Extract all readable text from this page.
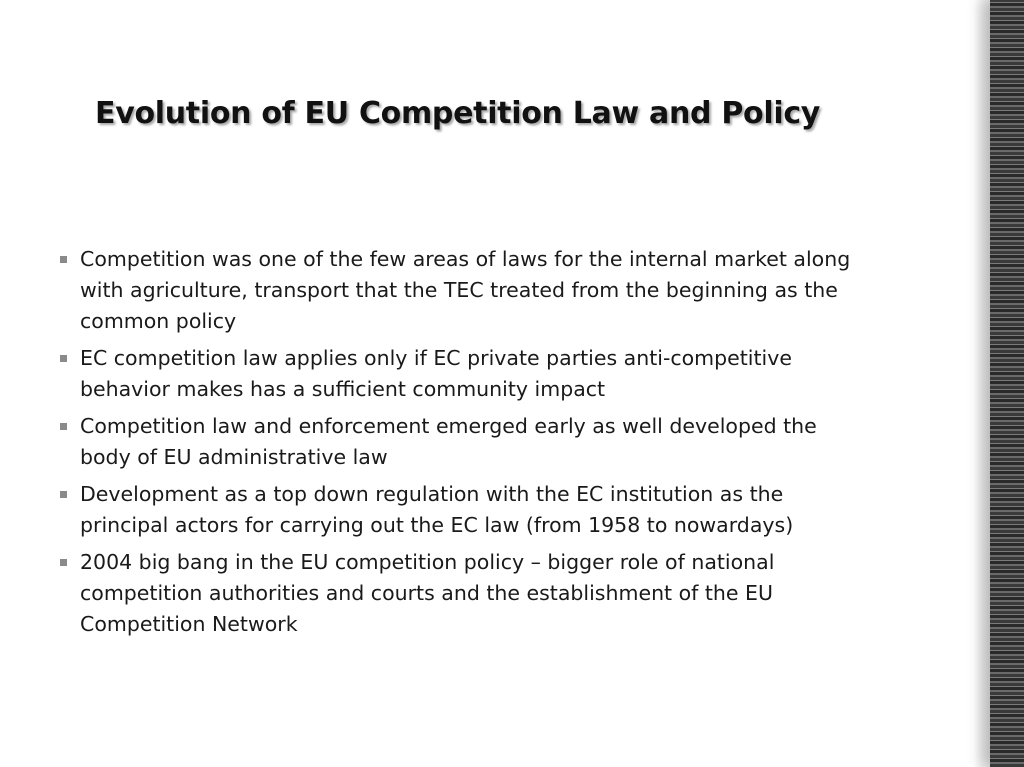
Evolution of EU Competition Law and Policy
Competition was one of the few areas of laws for the internal market along with agriculture, transport that the TEC treated from the beginning as the common policy
EC competition law applies only if EC private parties anti-competitive behavior makes has a sufficient community impact
Competition law and enforcement emerged early as well developed the body of EU administrative law
Development as a top down regulation with the EC institution as the principal actors for carrying out the EC law (from 1958 to nowardays)
2004 big bang in the EU competition policy – bigger role of national competition authorities and courts and the establishment of the EU Competition Network
